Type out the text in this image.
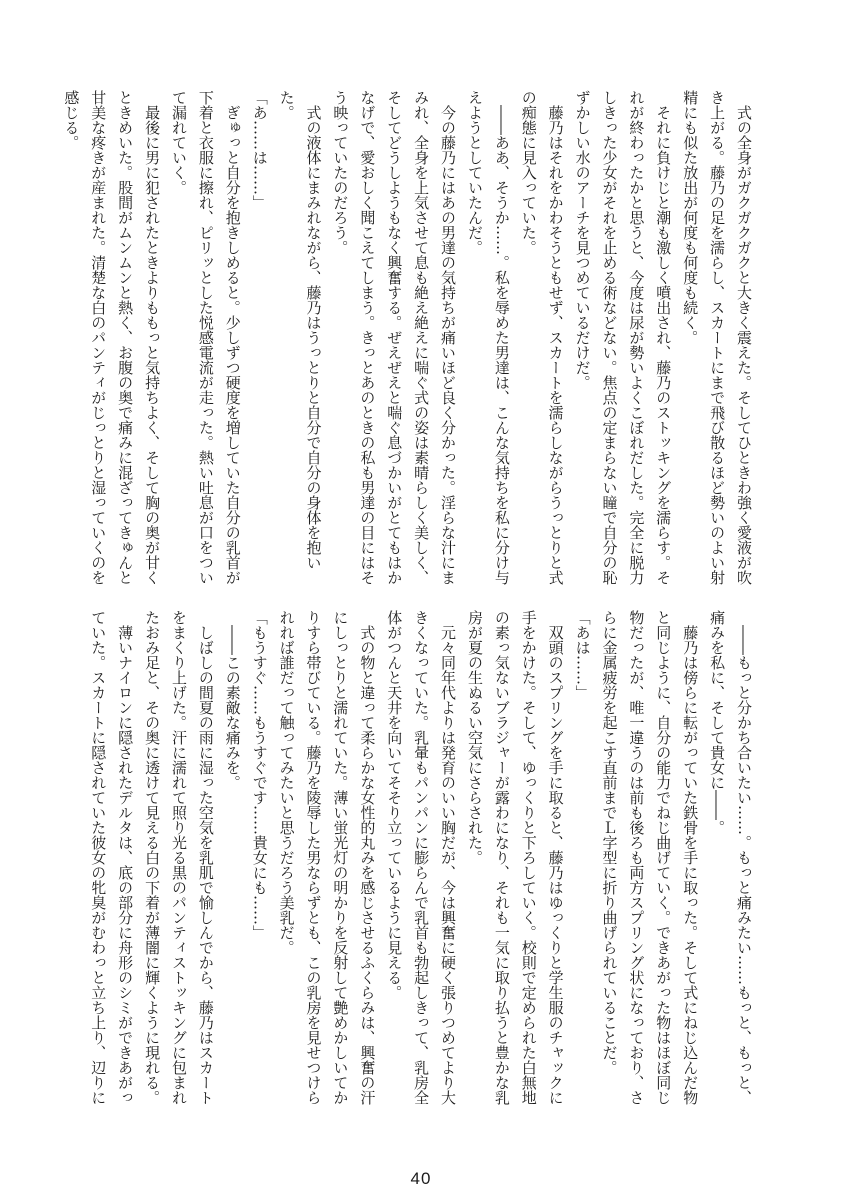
式の全身がガクガクガクと大きく震えた。そしてひときわ強く愛液が吹き上がる。藤乃の足を濡らし、スカートにまで飛び散るほど勢いのよい射精にも似た放出が何度も何度も続く。

それに負けじと潮も激しく噴出され、藤乃のストッキングを濡らす。それが終わったかと思うと、今度は尿が勢いよくこぼれだした。完全に脱力しきった少女がそれを止める術などない。焦点の定まらない瞳で自分の恥ずかしい水のアーチを見つめているだけだ。

藤乃はそれをかわそうともせず、スカートを濡らしながらうっとりと式の痴態に見入っていた。

――ああ、そうか……。私を辱めた男達は、こんな気持ちを私に分け与えようとしていたんだ。

今の藤乃にはあの男達の気持ちが痛いほど良く分かった。淫らな汁にまみれ、全身を上気させて息も絶え絶えに喘ぐ式の姿は素晴らしく美しく、そしてどうしようもなく興奮する。ぜえぜえと喘ぐ息づかいがとてもはかなげで、愛おしく聞こえてしまう。きっとあのときの私も男達の目にはそう映っていたのだろう。

式の液体にまみれながら、藤乃はうっとりと自分で自分の身体を抱いた。

「あ……は……」

ぎゅっと自分を抱きしめると。少しずつ硬度を増していた自分の乳首が下着と衣服に擦れ、ピリッとした悦感電流が走った。熱い吐息が口をついて漏れていく。

最後に男に犯されたときよりももっと気持ちよく、そして胸の奥が甘くときめいた。股間がムンムンと熱く、お腹の奥で痛みに混ざってきゅんと甘美な疼きが産まれた。清楚な白のパンティがじっとりと湿っていくのを感じる。

――もっと分かち合いたい……。もっと痛みたい……もっと、もっと、痛みを私に、そして貴女に――。

藤乃は傍らに転がっていた鉄骨を手に取った。そして式にねじ込んだ物と同じように、自分の能力でねじ曲げていく。できあがった物はほぼ同じ物だったが、唯一違うのは前も後ろも両方スプリング状になっており、さらに金属疲労を起こす直前までＬ字型に折り曲げられていることだ。

「あは……」

双頭のスプリングを手に取ると、藤乃はゆっくりと学生服のチャックに手をかけた。そして、ゆっくりと下ろしていく。校則で定められた白無地の素っ気ないブラジャーが露わになり、それも一気に取り払うと豊かな乳房が夏の生ぬるい空気にさらされた。

元々同年代よりは発育のいい胸だが、今は興奮に硬く張りつめてより大きくなっていた。乳暈もパンパンに膨らんで乳首も勃起しきって、乳房全体がつんと天井を向いてそそり立っているように見える。

式の物と違って柔らかな女性的丸みを感じさせるふくらみは、興奮の汗にしっとりと濡れていた。薄い蛍光灯の明かりを反射して艶めかしいてかりすら帯びている。藤乃を陵辱した男ならずとも、この乳房を見せつけられれば誰だって触ってみたいと思うだろう美乳だ。

「もうすぐ……もうすぐです……貴女にも……」

――この素敵な痛みを。

しばしの間夏の雨に湿った空気を乳肌で愉しんでから、藤乃はスカートをまくり上げた。汗に濡れて照り光る黒のパンティストッキングに包まれたおみ足と、その奥に透けて見える白の下着が薄闇に輝くように現れる。

薄いナイロンに隠されたデルタは、底の部分に舟形のシミができあがっていた。スカートに隠されていた彼女の牝臭がむわっと立ち上り、辺りに

40
